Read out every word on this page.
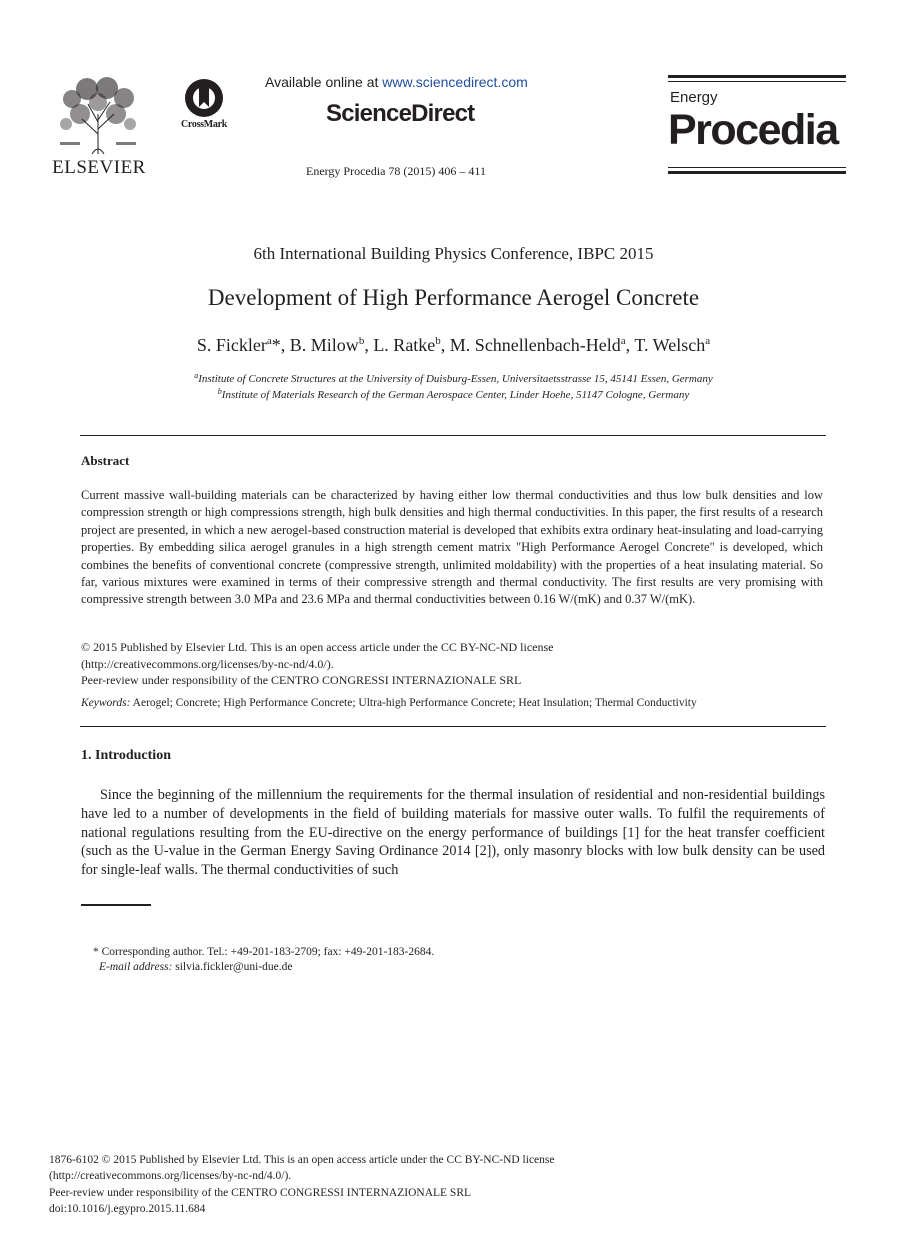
ELSEVIER
CrossMark
Available online at www.sciencedirect.com
ScienceDirect
Energy Procedia 78 (2015) 406 – 411
Energy
Procedia
6th International Building Physics Conference, IBPC 2015
Development of High Performance Aerogel Concrete
S. Fickler$^a$*, B. Milow$^b$, L. Ratke$^b$, M. Schnellenbach-Held$^a$, T. Welsch$^a$
$^a$Institute of Concrete Structures at the University of Duisburg-Essen, Universitaetsstrasse 15, 45141 Essen, Germany
$^b$Institute of Materials Research of the German Aerospace Center, Linder Hoehe, 51147 Cologne, Germany
Abstract
Current massive wall-building materials can be characterized by having either low thermal conductivities and thus low bulk densities and low compression strength or high compressions strength, high bulk densities and high thermal conductivities. In this paper, the first results of a research project are presented, in which a new aerogel-based construction material is developed that exhibits extra ordinary heat-insulating and load-carrying properties. By embedding silica aerogel granules in a high strength cement matrix "High Performance Aerogel Concrete" is developed, which combines the benefits of conventional concrete (compressive strength, unlimited moldability) with the properties of a heat insulating material. So far, various mixtures were examined in terms of their compressive strength and thermal conductivity. The first results are very promising with compressive strength between 3.0 MPa and 23.6 MPa and thermal conductivities between 0.16 W/(mK) and 0.37 W/(mK).
© 2015 Published by Elsevier Ltd. This is an open access article under the CC BY-NC-ND license
(http://creativecommons.org/licenses/by-nc-nd/4.0/).
Peer-review under responsibility of the CENTRO CONGRESSI INTERNAZIONALE SRL
Keywords: Aerogel; Concrete; High Performance Concrete; Ultra-high Performance Concrete; Heat Insulation; Thermal Conductivity
1. Introduction
Since the beginning of the millennium the requirements for the thermal insulation of residential and non-residential buildings have led to a number of developments in the field of building materials for massive outer walls. To fulfil the requirements of national regulations resulting from the EU-directive on the energy performance of buildings [1] for the heat transfer coefficient (such as the U-value in the German Energy Saving Ordinance 2014 [2]), only masonry blocks with low bulk density can be used for single-leaf walls. The thermal conductivities of such
* Corresponding author. Tel.: +49-201-183-2709; fax: +49-201-183-2684.
E-mail address: silvia.fickler@uni-due.de
1876-6102 © 2015 Published by Elsevier Ltd. This is an open access article under the CC BY-NC-ND license
(http://creativecommons.org/licenses/by-nc-nd/4.0/).
Peer-review under responsibility of the CENTRO CONGRESSI INTERNAZIONALE SRL
doi:10.1016/j.egypro.2015.11.684
